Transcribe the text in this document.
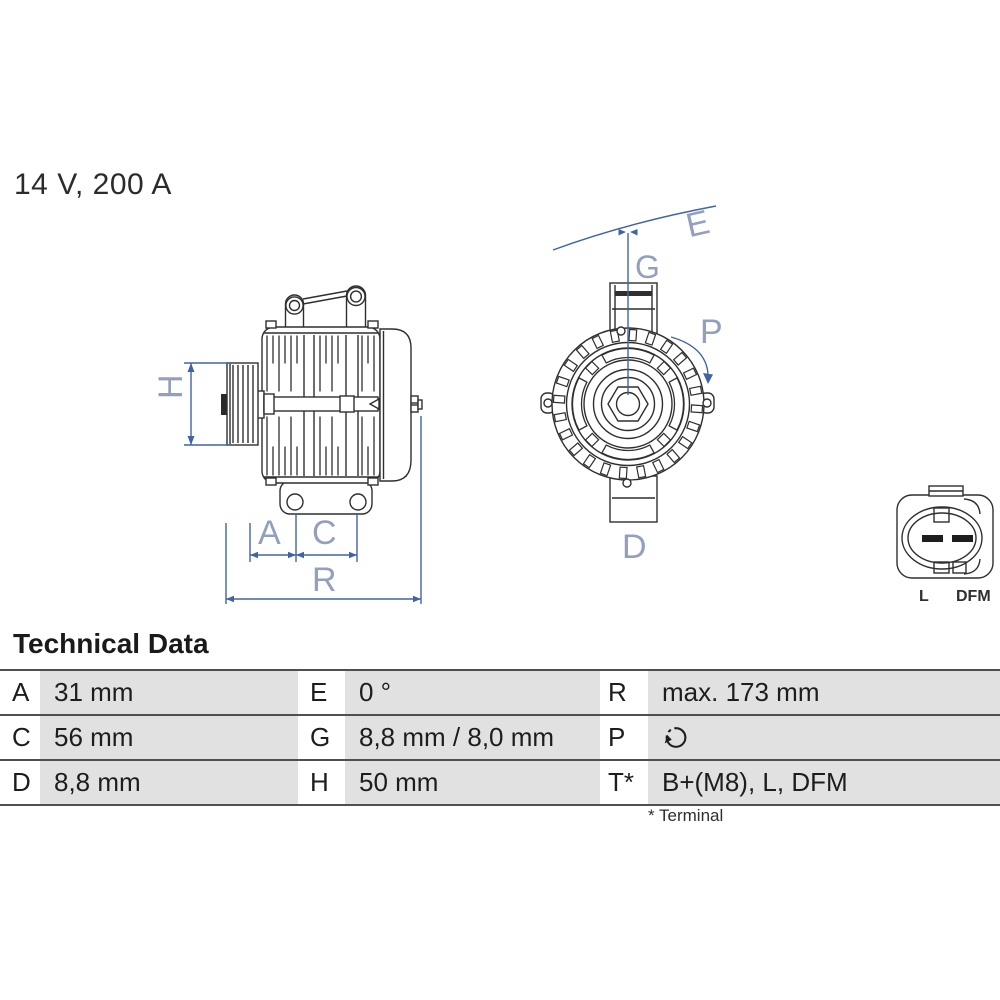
14 V, 200 A
H
A C
R
E
G
P
D
L DFM
Technical Data
A 31 mm	E	0 °	R	max. 173 mm
C 56 mm	G	8,8 mm / 8,0 mm	P
D 8,8 mm	H	50 mm	T*	B+(M8), L, DFM
* Terminal
